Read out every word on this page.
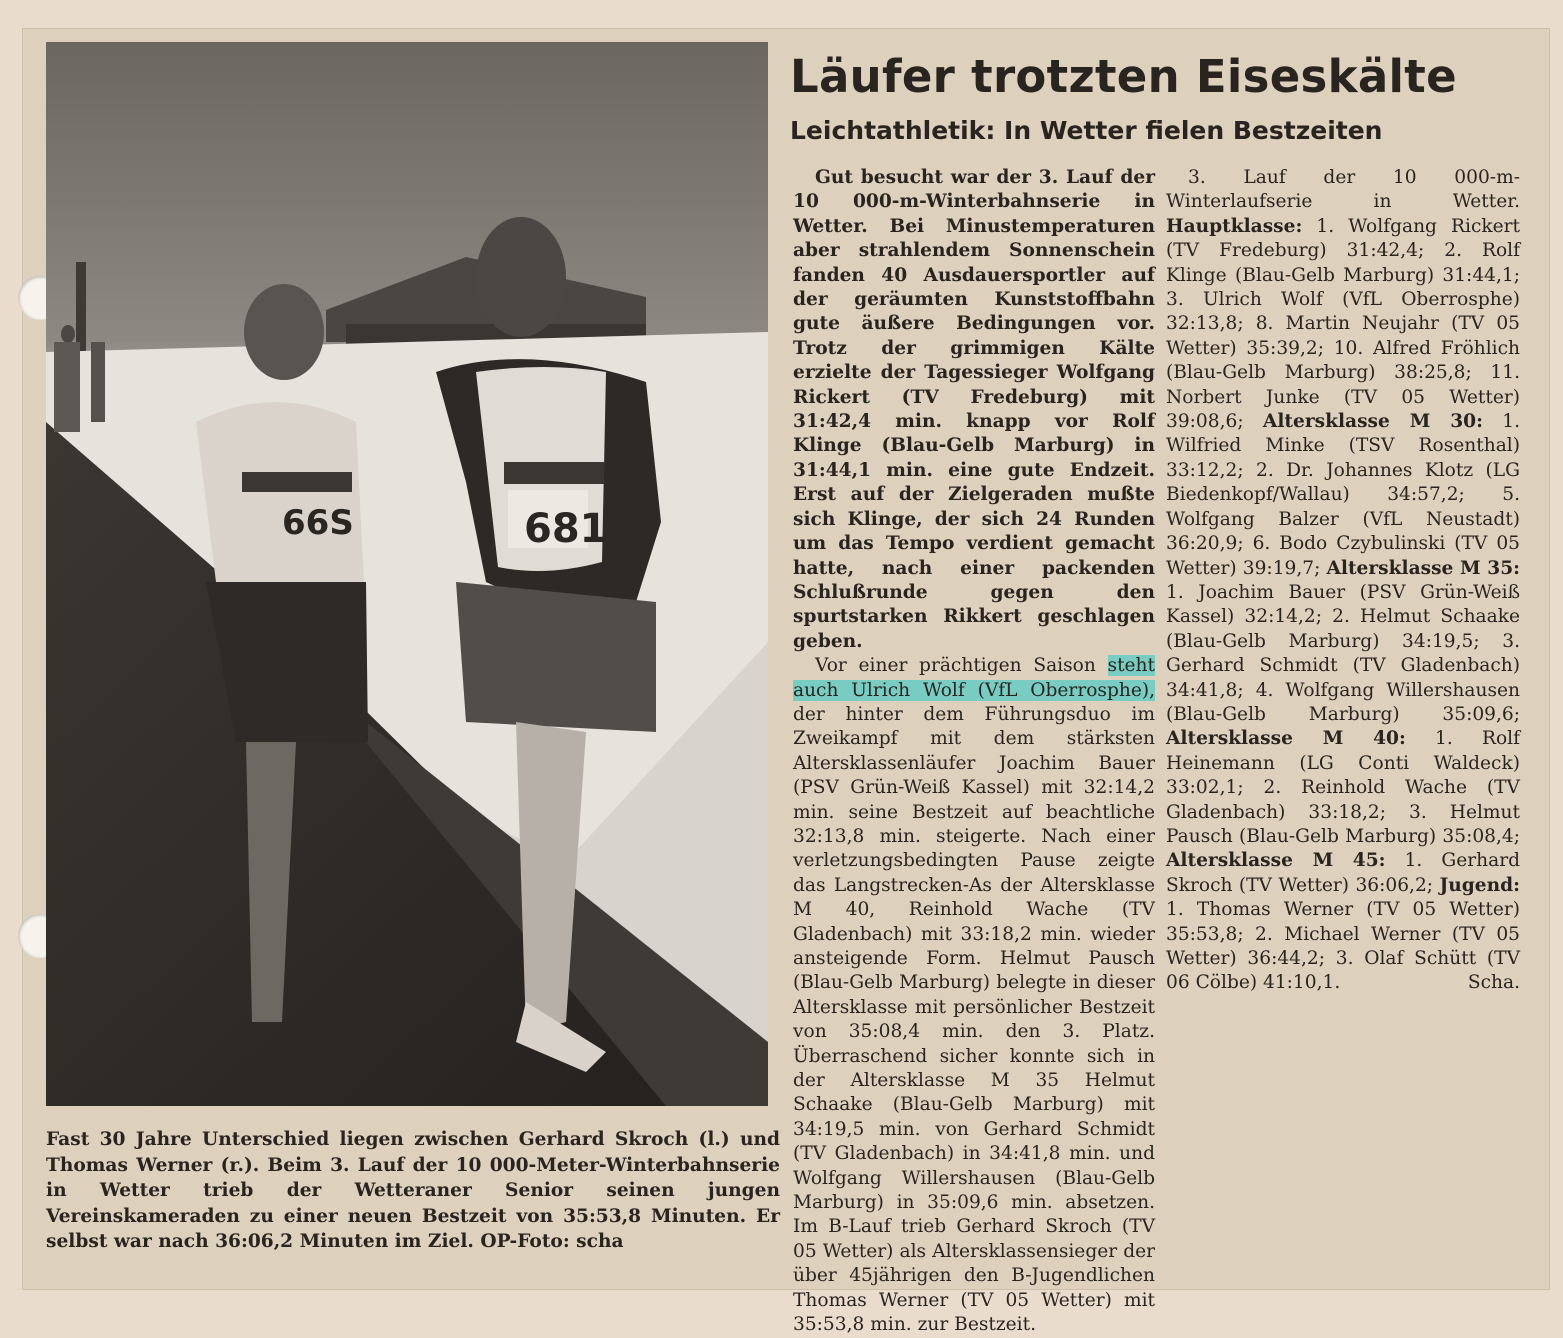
66S	681

Fast 30 Jahre Unterschied liegen zwischen Gerhard Skroch (l.) und Thomas Werner (r.). Beim 3. Lauf der 10 000-Meter-Winterbahnserie in Wetter trieb der Wetteraner Senior seinen jungen Vereinskameraden zu einer neuen Bestzeit von 35:53,8 Minuten. Er selbst war nach 36:06,2 Minuten im Ziel. OP-Foto: scha

Läufer trotzten Eiseskälte
Leichtathletik: In Wetter fielen Bestzeiten

Gut besucht war der 3. Lauf der 10 000-m-Winterbahnserie in Wetter. Bei Minustemperaturen aber strahlendem Sonnenschein fanden 40 Ausdauersportler auf der geräumten Kunststoffbahn gute äußere Bedingungen vor. Trotz der grimmigen Kälte erzielte der Tagessieger Wolfgang Rickert (TV Fredeburg) mit 31:42,4 min. knapp vor Rolf Klinge (Blau-Gelb Marburg) in 31:44,1 min. eine gute Endzeit. Erst auf der Zielgeraden mußte sich Klinge, der sich 24 Runden um das Tempo verdient gemacht hatte, nach einer packenden Schlußrunde gegen den spurtstarken Rikkert geschlagen geben.

Vor einer prächtigen Saison steht auch Ulrich Wolf (VfL Oberrosphe), der hinter dem Führungsduo im Zweikampf mit dem stärksten Altersklassenläufer Joachim Bauer (PSV Grün-Weiß Kassel) mit 32:14,2 min. seine Bestzeit auf beachtliche 32:13,8 min. steigerte. Nach einer verletzungsbedingten Pause zeigte das Langstrecken-As der Altersklasse M 40, Reinhold Wache (TV Gladenbach) mit 33:18,2 min. wieder ansteigende Form. Helmut Pausch (Blau-Gelb Marburg) belegte in dieser Altersklasse mit persönlicher Bestzeit von 35:08,4 min. den 3. Platz. Überraschend sicher konnte sich in der Altersklasse M 35 Helmut Schaake (Blau-Gelb Marburg) mit 34:19,5 min. von Gerhard Schmidt (TV Gladenbach) in 34:41,8 min. und Wolfgang Willershausen (Blau-Gelb Marburg) in 35:09,6 min. absetzen. Im B-Lauf trieb Gerhard Skroch (TV 05 Wetter) als Altersklassensieger der über 45jährigen den B-Jugendlichen Thomas Werner (TV 05 Wetter) mit 35:53,8 min. zur Bestzeit.

3. Lauf der 10 000-m-Winterlaufserie in Wetter. Hauptklasse: 1. Wolfgang Rickert (TV Fredeburg) 31:42,4; 2. Rolf Klinge (Blau-Gelb Marburg) 31:44,1; 3. Ulrich Wolf (VfL Oberrosphe) 32:13,8; 8. Martin Neujahr (TV 05 Wetter) 35:39,2; 10. Alfred Fröhlich (Blau-Gelb Marburg) 38:25,8; 11. Norbert Junke (TV 05 Wetter) 39:08,6; Altersklasse M 30: 1. Wilfried Minke (TSV Rosenthal) 33:12,2; 2. Dr. Johannes Klotz (LG Biedenkopf/Wallau) 34:57,2; 5. Wolfgang Balzer (VfL Neustadt) 36:20,9; 6. Bodo Czybulinski (TV 05 Wetter) 39:19,7; Altersklasse M 35: 1. Joachim Bauer (PSV Grün-Weiß Kassel) 32:14,2; 2. Helmut Schaake (Blau-Gelb Marburg) 34:19,5; 3. Gerhard Schmidt (TV Gladenbach) 34:41,8; 4. Wolfgang Willershausen (Blau-Gelb Marburg) 35:09,6; Altersklasse M 40: 1. Rolf Heinemann (LG Conti Waldeck) 33:02,1; 2. Reinhold Wache (TV Gladenbach) 33:18,2; 3. Helmut Pausch (Blau-Gelb Marburg) 35:08,4; Altersklasse M 45: 1. Gerhard Skroch (TV Wetter) 36:06,2; Jugend: 1. Thomas Werner (TV 05 Wetter) 35:53,8; 2. Michael Werner (TV 05 Wetter) 36:44,2; 3. Olaf Schütt (TV 06 Cölbe) 41:10,1.	Scha.
